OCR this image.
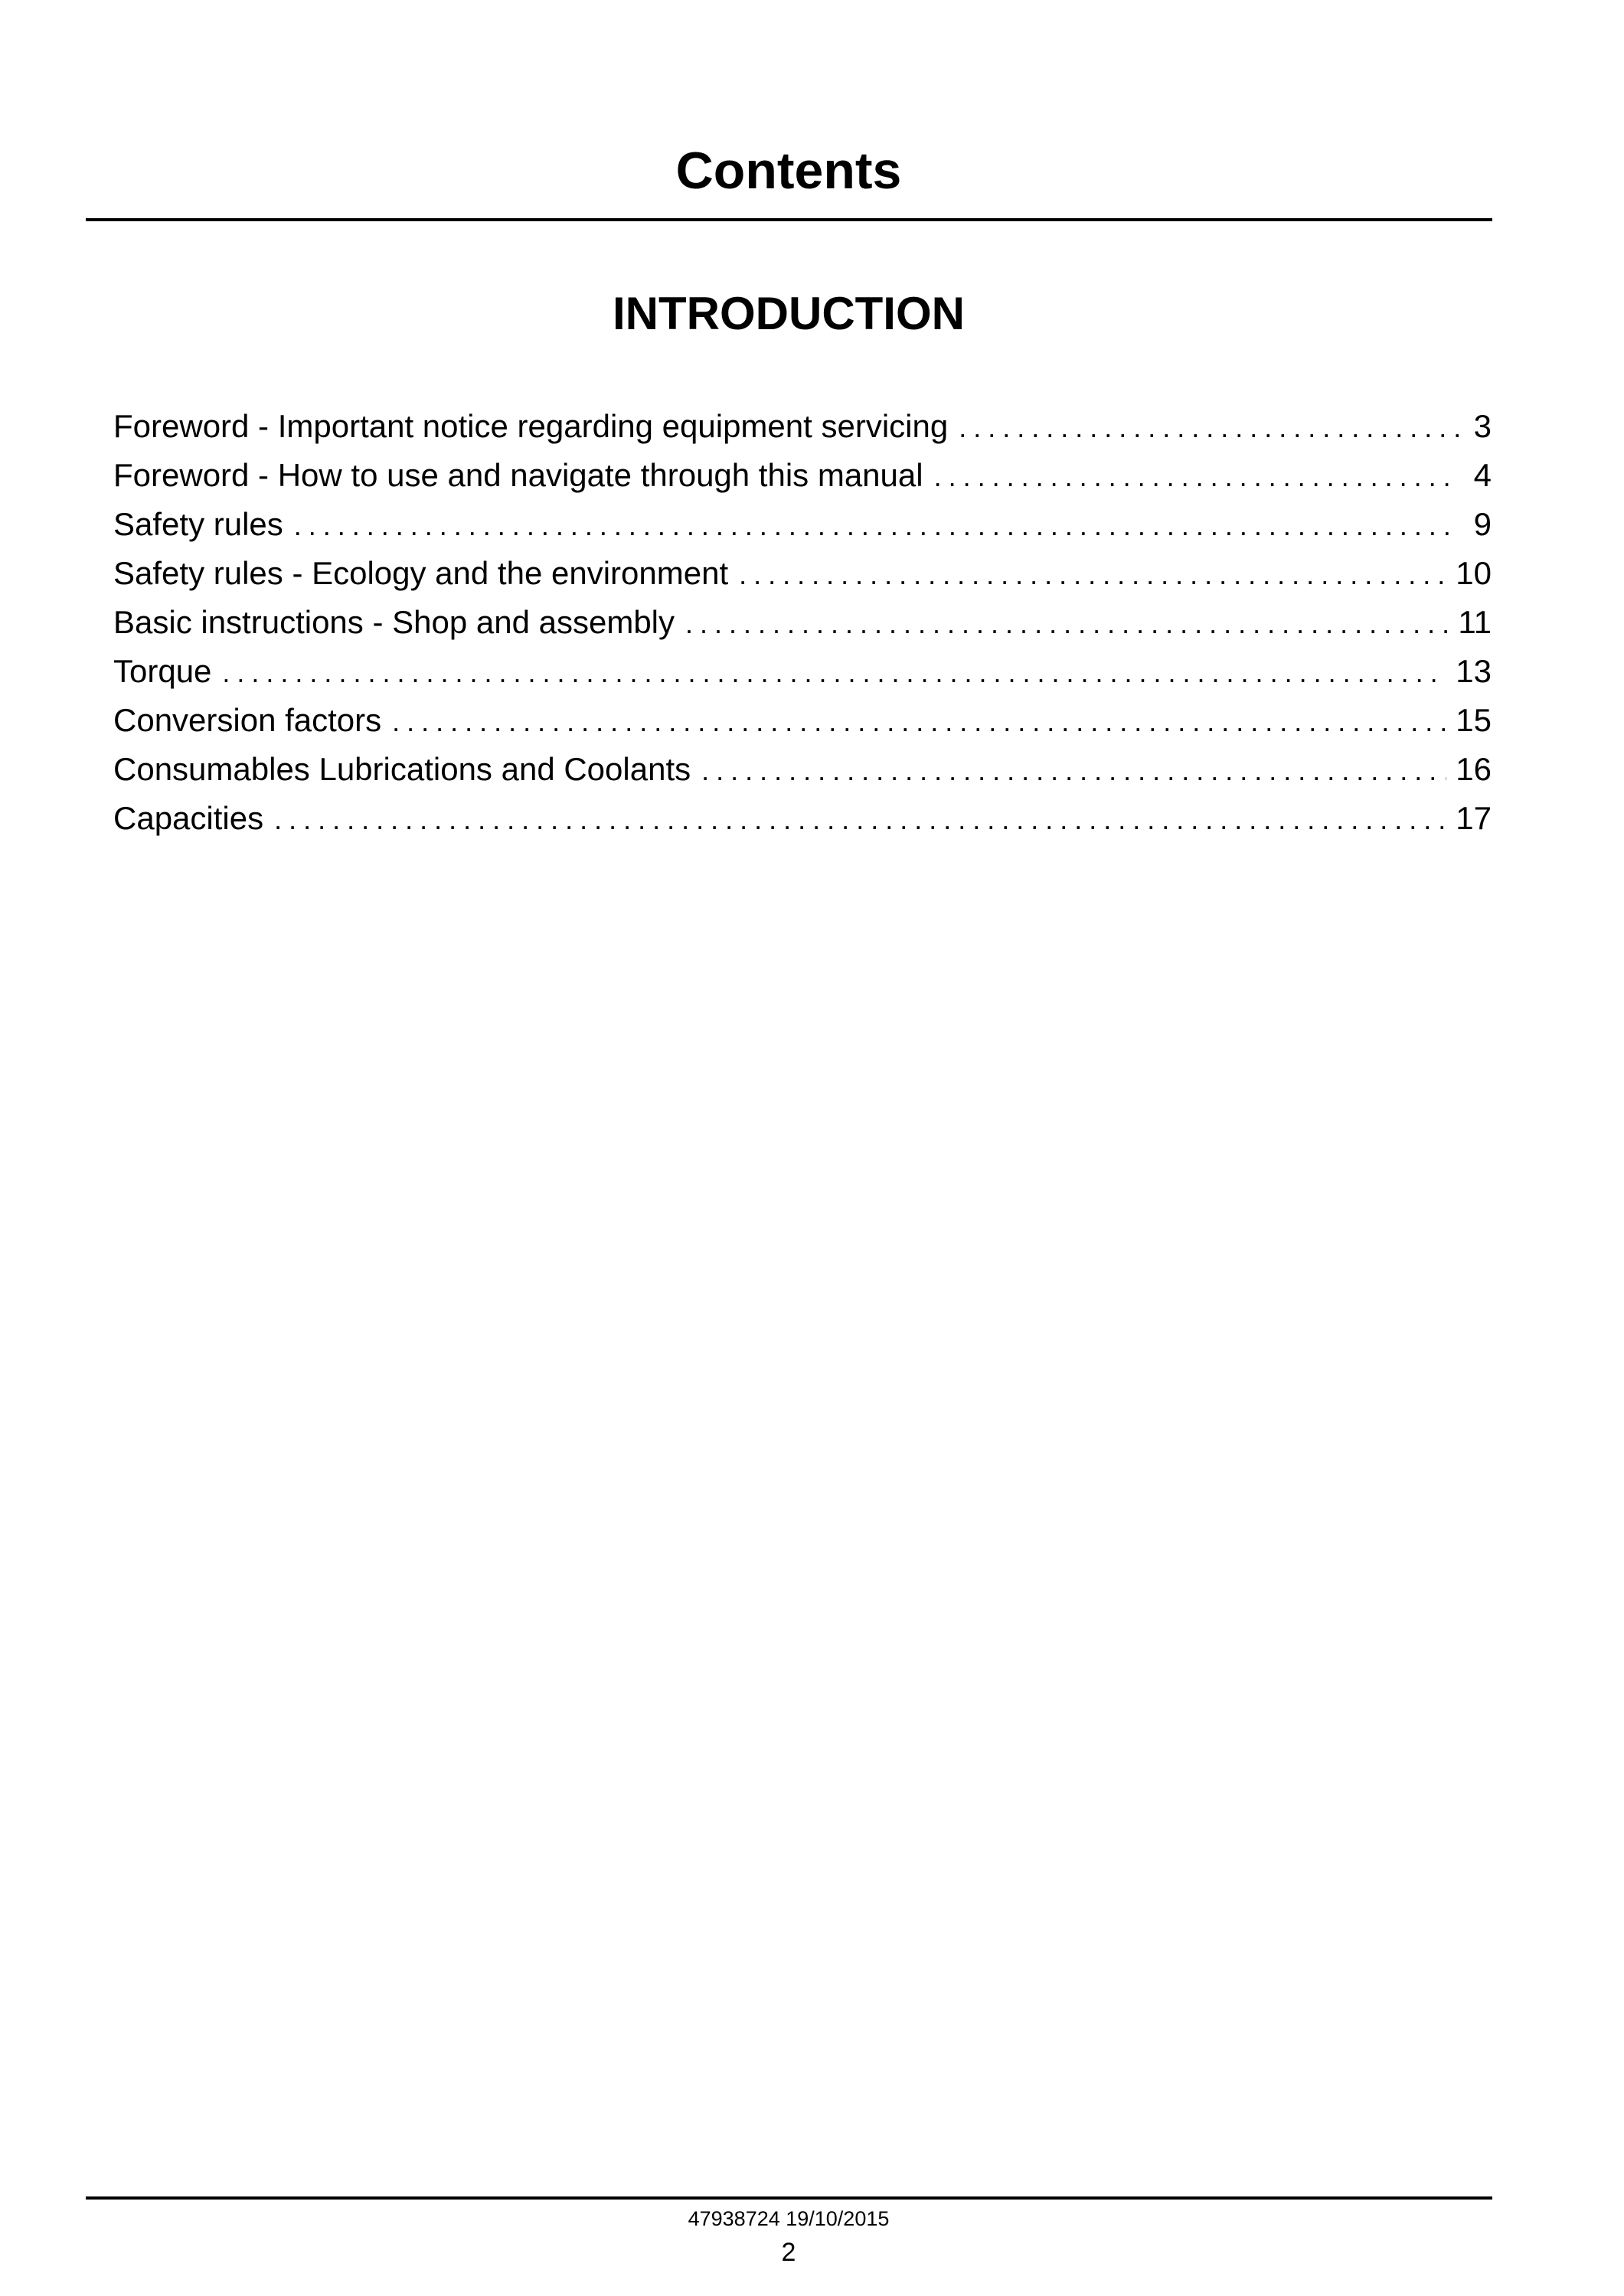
Contents
INTRODUCTION
Foreword - Important notice regarding equipment servicing .....	3
Foreword - How to use and navigate through this manual .....	4
Safety rules .....	9
Safety rules - Ecology and the environment .....	10
Basic instructions - Shop and assembly .....	11
Torque .....	13
Conversion factors .....	15
Consumables Lubrications and Coolants .....	16
Capacities .....	17
47938724 19/10/2015
2
